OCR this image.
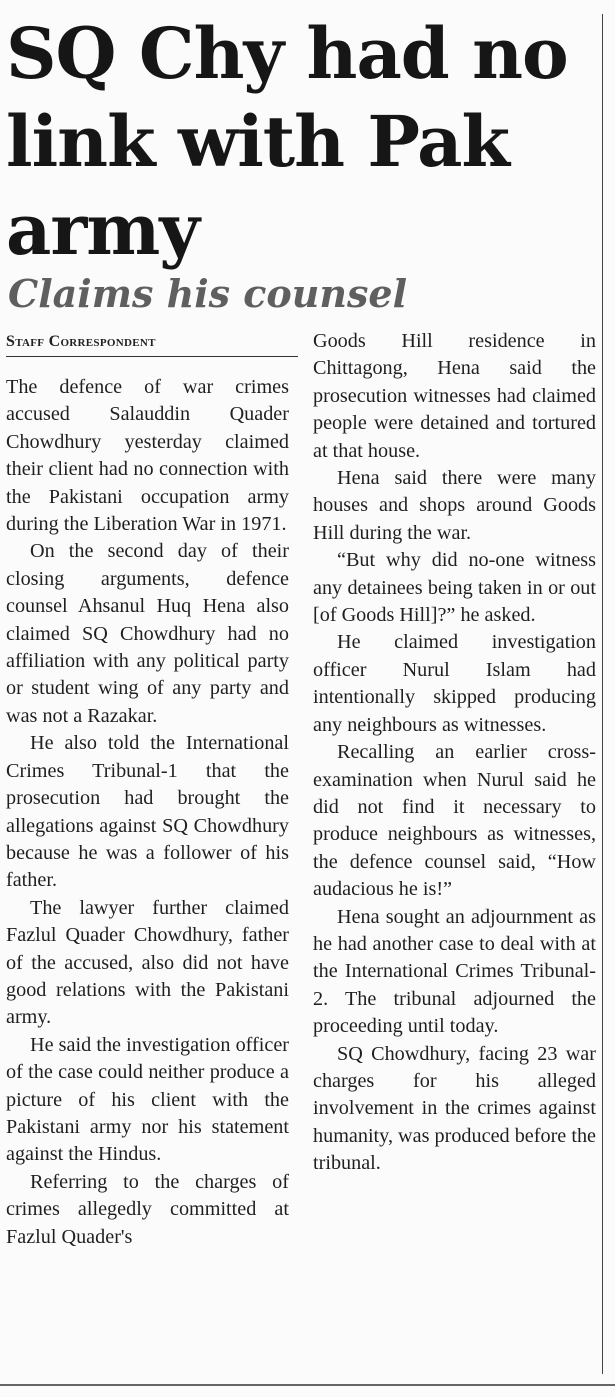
SQ Chy had no link with Pak army
Claims his counsel
Staff Correspondent

The defence of war crimes accused Salauddin Quader Chowdhury yesterday claimed their client had no connection with the Pakistani occupation army during the Liberation War in 1971.

On the second day of their closing arguments, defence counsel Ahsanul Huq Hena also claimed SQ Chowdhury had no affiliation with any political party or student wing of any party and was not a Razakar.

He also told the International Crimes Tribunal-1 that the prosecution had brought the allegations against SQ Chowdhury because he was a follower of his father.

The lawyer further claimed Fazlul Quader Chowdhury, father of the accused, also did not have good relations with the Pakistani army.

He said the investigation officer of the case could neither produce a picture of his client with the Pakistani army nor his statement against the Hindus.

Referring to the charges of crimes allegedly committed at Fazlul Quader's

Goods Hill residence in Chittagong, Hena said the prosecution witnesses had claimed people were detained and tortured at that house.

Hena said there were many houses and shops around Goods Hill during the war.

“But why did no-one witness any detainees being taken in or out [of Goods Hill]?” he asked.

He claimed investigation officer Nurul Islam had intentionally skipped producing any neighbours as witnesses.

Recalling an earlier cross-examination when Nurul said he did not find it necessary to produce neighbours as witnesses, the defence counsel said, “How audacious he is!”

Hena sought an adjournment as he had another case to deal with at the International Crimes Tribunal-2. The tribunal adjourned the proceeding until today.

SQ Chowdhury, facing 23 war charges for his alleged involvement in the crimes against humanity, was produced before the tribunal.
